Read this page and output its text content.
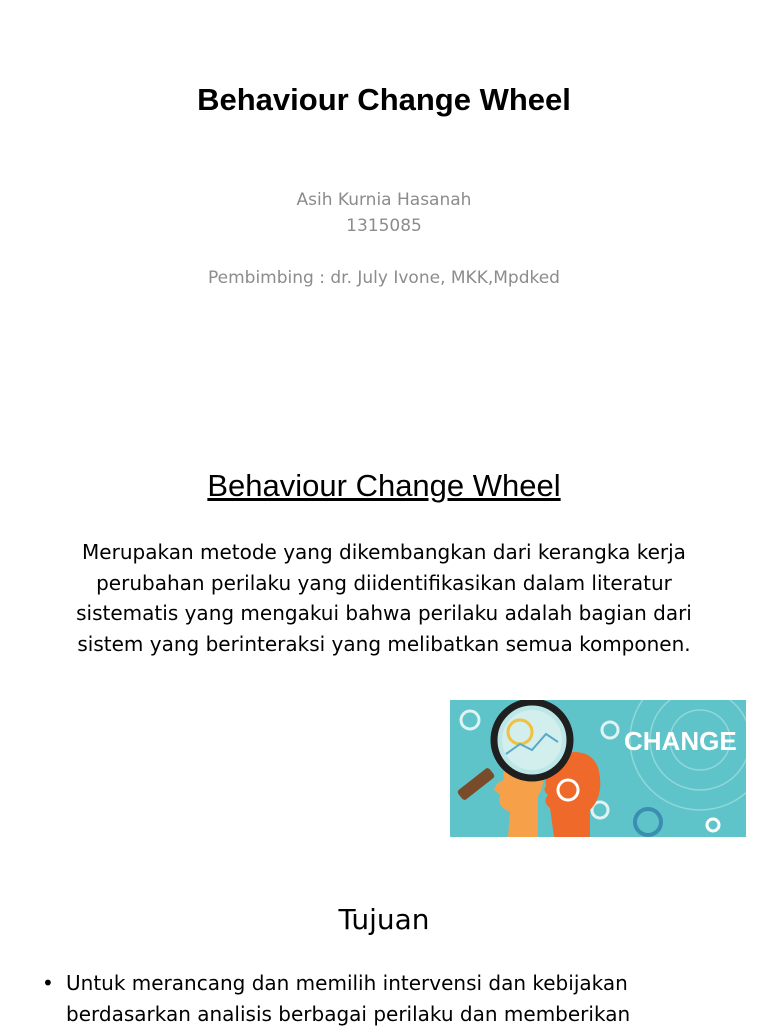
Behaviour Change Wheel
Asih Kurnia Hasanah
1315085
Pembimbing : dr. July Ivone, MKK,Mpdked
Behaviour Change Wheel
Merupakan metode yang dikembangkan dari kerangka kerja perubahan perilaku yang diidentifikasikan dalam literatur sistematis yang mengakui bahwa perilaku adalah bagian dari sistem yang berinteraksi yang melibatkan semua komponen.
CHANGE
Tujuan
• Untuk merancang dan memilih intervensi dan kebijakan berdasarkan analisis berbagai perilaku dan memberikan
